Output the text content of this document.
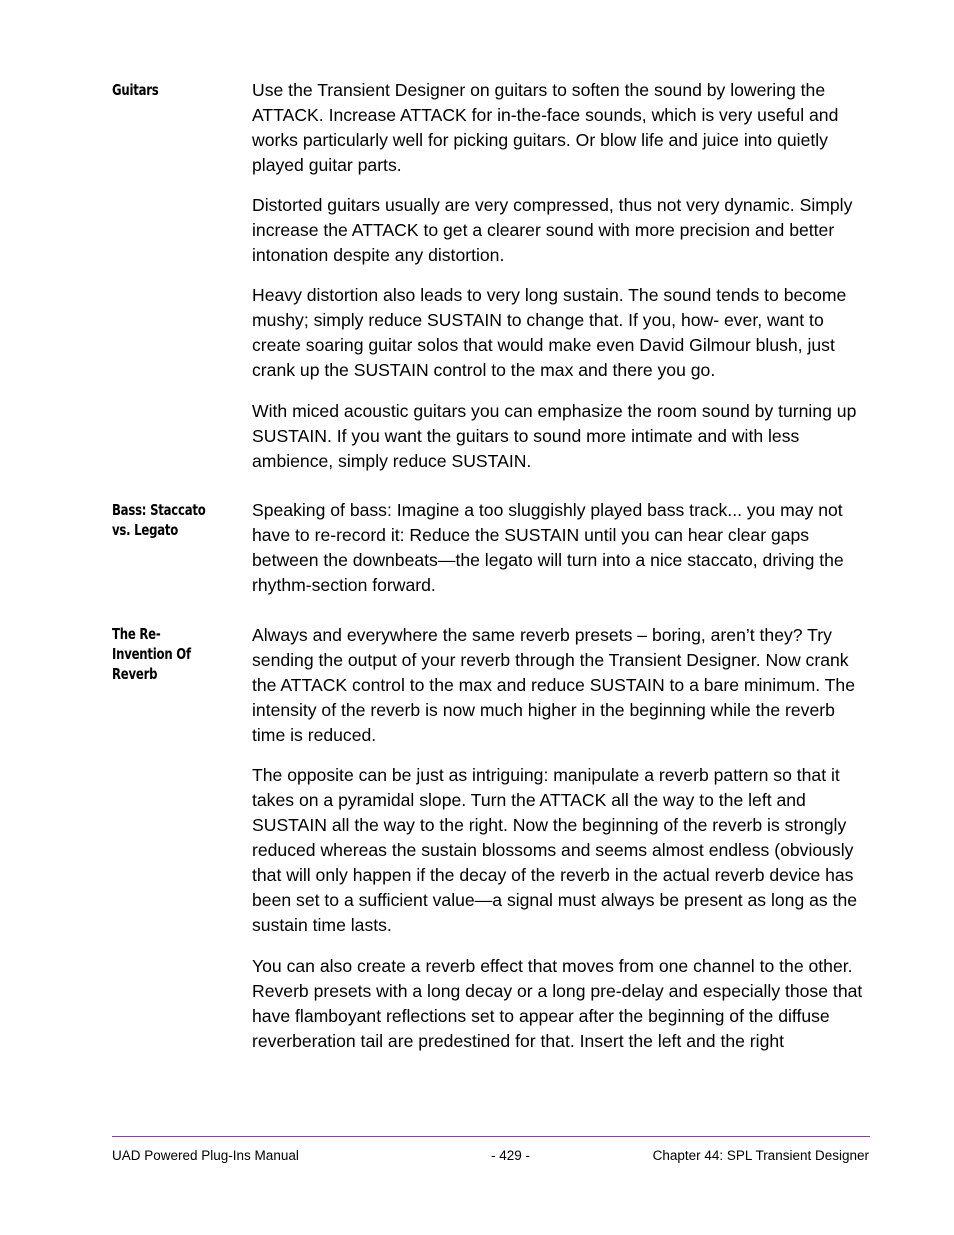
Guitars	Use the Transient Designer on guitars to soften the sound by lowering the ATTACK. Increase ATTACK for in-the-face sounds, which is very useful and works particularly well for picking guitars. Or blow life and juice into quietly played guitar parts.

Distorted guitars usually are very compressed, thus not very dynamic. Simply increase the ATTACK to get a clearer sound with more precision and better intonation despite any distortion.

Heavy distortion also leads to very long sustain. The sound tends to become mushy; simply reduce SUSTAIN to change that. If you, how- ever, want to create soaring guitar solos that would make even David Gilmour blush, just crank up the SUSTAIN control to the max and there you go.

With miced acoustic guitars you can emphasize the room sound by turning up SUSTAIN. If you want the guitars to sound more intimate and with less ambience, simply reduce SUSTAIN.

Bass: Staccato vs. Legato

Speaking of bass: Imagine a too sluggishly played bass track... you may not have to re-record it: Reduce the SUSTAIN until you can hear clear gaps between the downbeats—the legato will turn into a nice staccato, driving the rhythm-section forward.

The Re-Invention Of Reverb

Always and everywhere the same reverb presets – boring, aren’t they? Try sending the output of your reverb through the Transient Designer. Now crank the ATTACK control to the max and reduce SUSTAIN to a bare minimum. The intensity of the reverb is now much higher in the beginning while the reverb time is reduced.

The opposite can be just as intriguing: manipulate a reverb pattern so that it takes on a pyramidal slope. Turn the ATTACK all the way to the left and SUSTAIN all the way to the right. Now the beginning of the reverb is strongly reduced whereas the sustain blossoms and seems almost endless (obviously that will only happen if the decay of the reverb in the actual reverb device has been set to a sufficient value—a signal must always be present as long as the sustain time lasts.

You can also create a reverb effect that moves from one channel to the other. Reverb presets with a long decay or a long pre-delay and especially those that have flamboyant reflections set to appear after the beginning of the diffuse reverberation tail are predestined for that. Insert the left and the right

UAD Powered Plug-Ins Manual	- 429 -	Chapter 44: SPL Transient Designer
